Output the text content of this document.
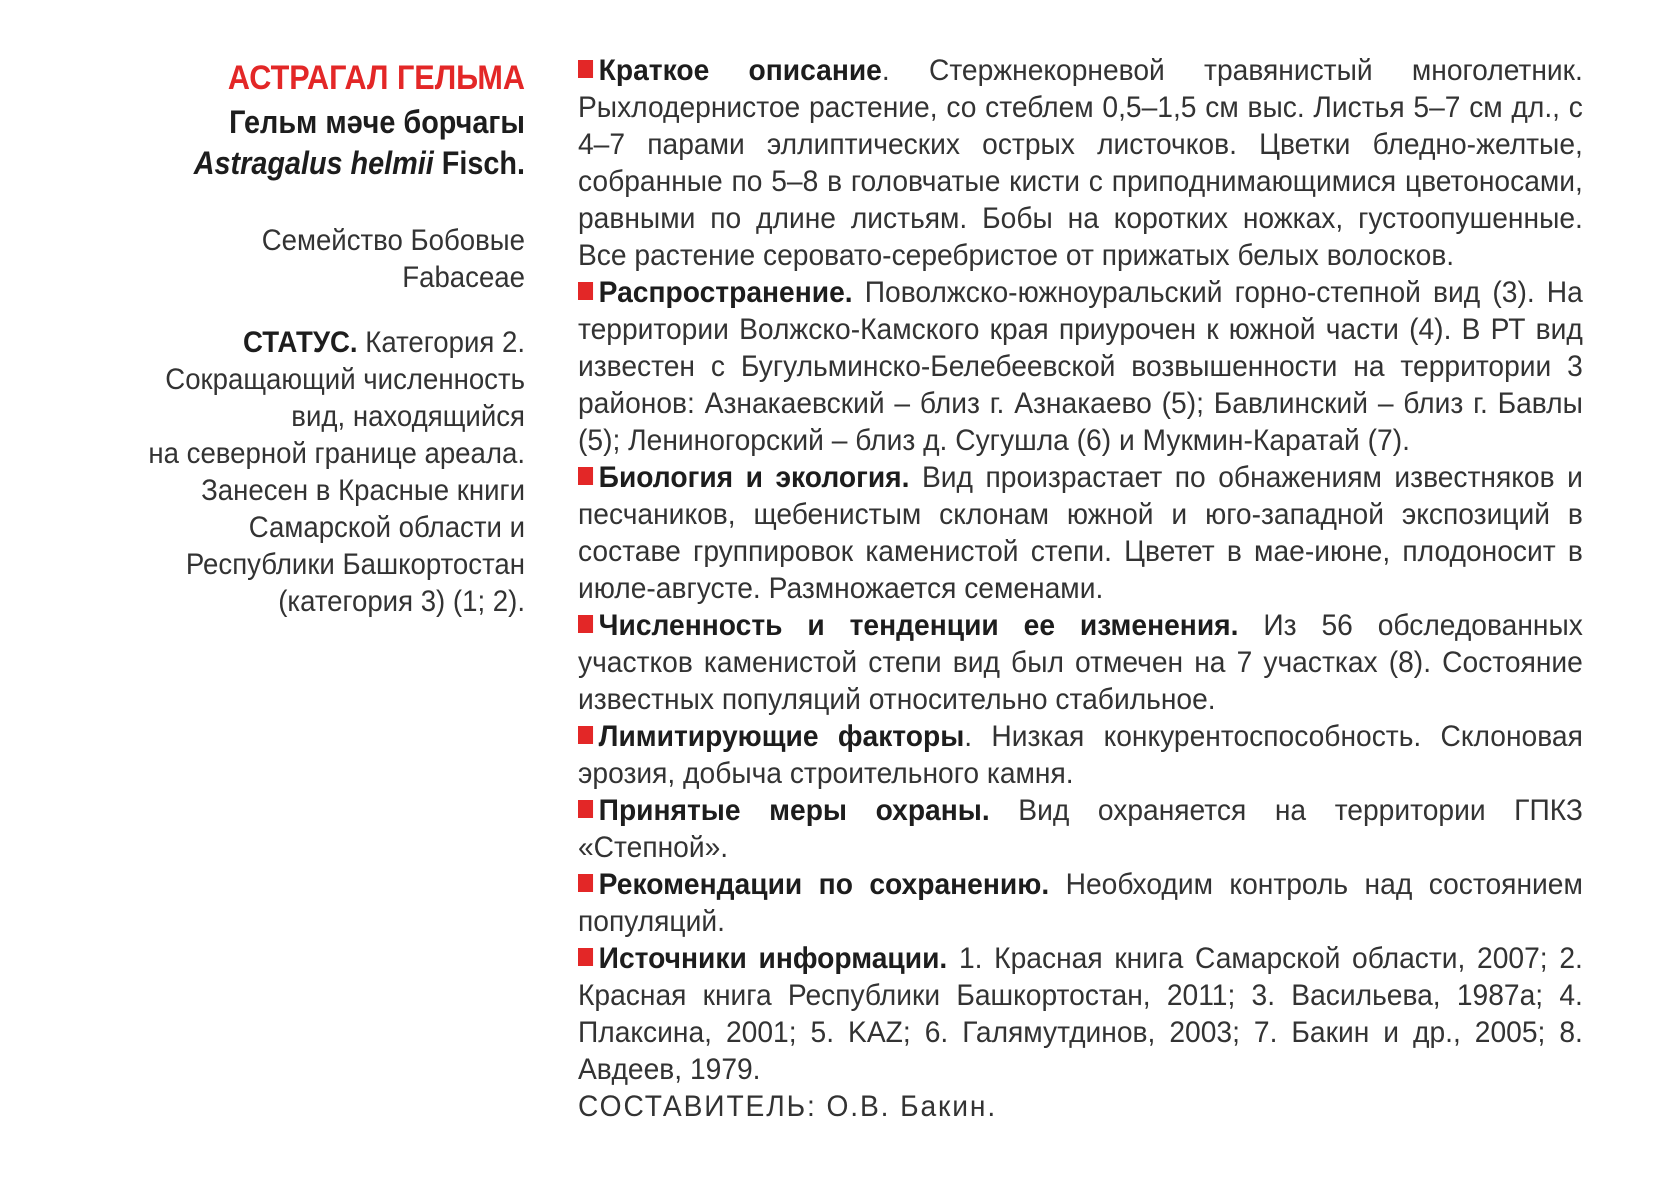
АСТРАГАЛ ГЕЛЬМА
Гельм мәче борчагы
Astragalus helmii Fisch.
Семейство Бобовые
Fabaceae
СТАТУС. Категория 2.
Сокращающий численность
вид, находящийся
на северной границе ареала.
Занесен в Красные книги
Самарской области и
Республики Башкортостан
(категория 3) (1; 2).
Краткое описание. Стержнекорневой травянистый многолетник. Рыхлодернистое растение, со стеблем 0,5–1,5 см выс. Листья 5–7 см дл., с 4–7 парами эллиптических острых листочков. Цветки бледно-желтые, собранные по 5–8 в головчатые кисти с приподнимающимися цветоносами, равными по длине листьям. Бобы на коротких ножках, густоопушенные. Все растение серовато-серебристое от прижатых белых волосков.
Распространение. Поволжско-южноуральский горно-степной вид (3). На территории Волжско-Камского края приурочен к южной части (4). В РТ вид известен с Бугульминско-Белебеевской возвышенности на территории 3 районов: Азнакаевский – близ г. Азнакаево (5); Бавлинский – близ г. Бавлы (5); Лениногорский – близ д. Сугушла (6) и Мукмин-Каратай (7).
Биология и экология. Вид произрастает по обнажениям известняков и песчаников, щебенистым склонам южной и юго-западной экспозиций в составе группировок каменистой степи. Цветет в мае-июне, плодоносит в июле-августе. Размножается семенами.
Численность и тенденции ее изменения. Из 56 обследованных участков каменистой степи вид был отмечен на 7 участках (8). Состояние известных популяций относительно стабильное.
Лимитирующие факторы. Низкая конкурентоспособность. Склоновая эрозия, добыча строительного камня.
Принятые меры охраны. Вид охраняется на территории ГПКЗ «Степной».
Рекомендации по сохранению. Необходим контроль над состоянием популяций.
Источники информации. 1. Красная книга Самарской области, 2007; 2. Красная книга Республики Башкортостан, 2011; 3. Васильева, 1987а; 4. Плаксина, 2001; 5. KAZ; 6. Галямутдинов, 2003; 7. Бакин и др., 2005; 8. Авдеев, 1979.
СОСТАВИТЕЛЬ: О.В. Бакин.
